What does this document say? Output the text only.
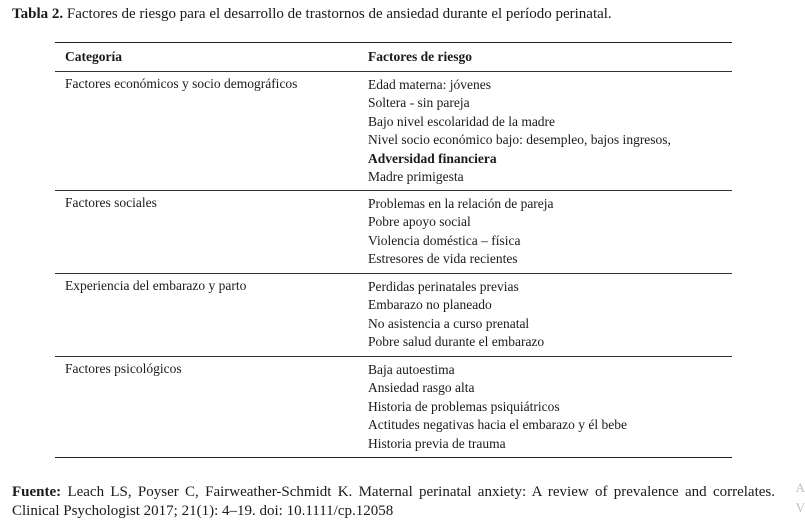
Tabla 2. Factores de riesgo para el desarrollo de trastornos de ansiedad durante el período perinatal.
Categoría	Factores de riesgo
Factores económicos y socio demográficos	Edad materna: jóvenes
Soltera - sin pareja
Bajo nivel escolaridad de la madre
Nivel socio económico bajo: desempleo, bajos ingresos,
Adversidad financiera
Madre primigesta
Factores sociales	Problemas en la relación de pareja
Pobre apoyo social
Violencia doméstica – física
Estresores de vida recientes
Experiencia del embarazo y parto	Perdidas perinatales previas
Embarazo no planeado
No asistencia a curso prenatal
Pobre salud durante el embarazo
Factores psicológicos	Baja autoestima
Ansiedad rasgo alta
Historia de problemas psiquiátricos
Actitudes negativas hacia el embarazo y él bebe
Historia previa de trauma
Fuente: Leach LS, Poyser C, Fairweather-Schmidt K. Maternal perinatal anxiety: A review of prevalence and correlates. Clinical Psychologist 2017; 21(1): 4–19. doi: 10.1111/cp.12058
A
V
